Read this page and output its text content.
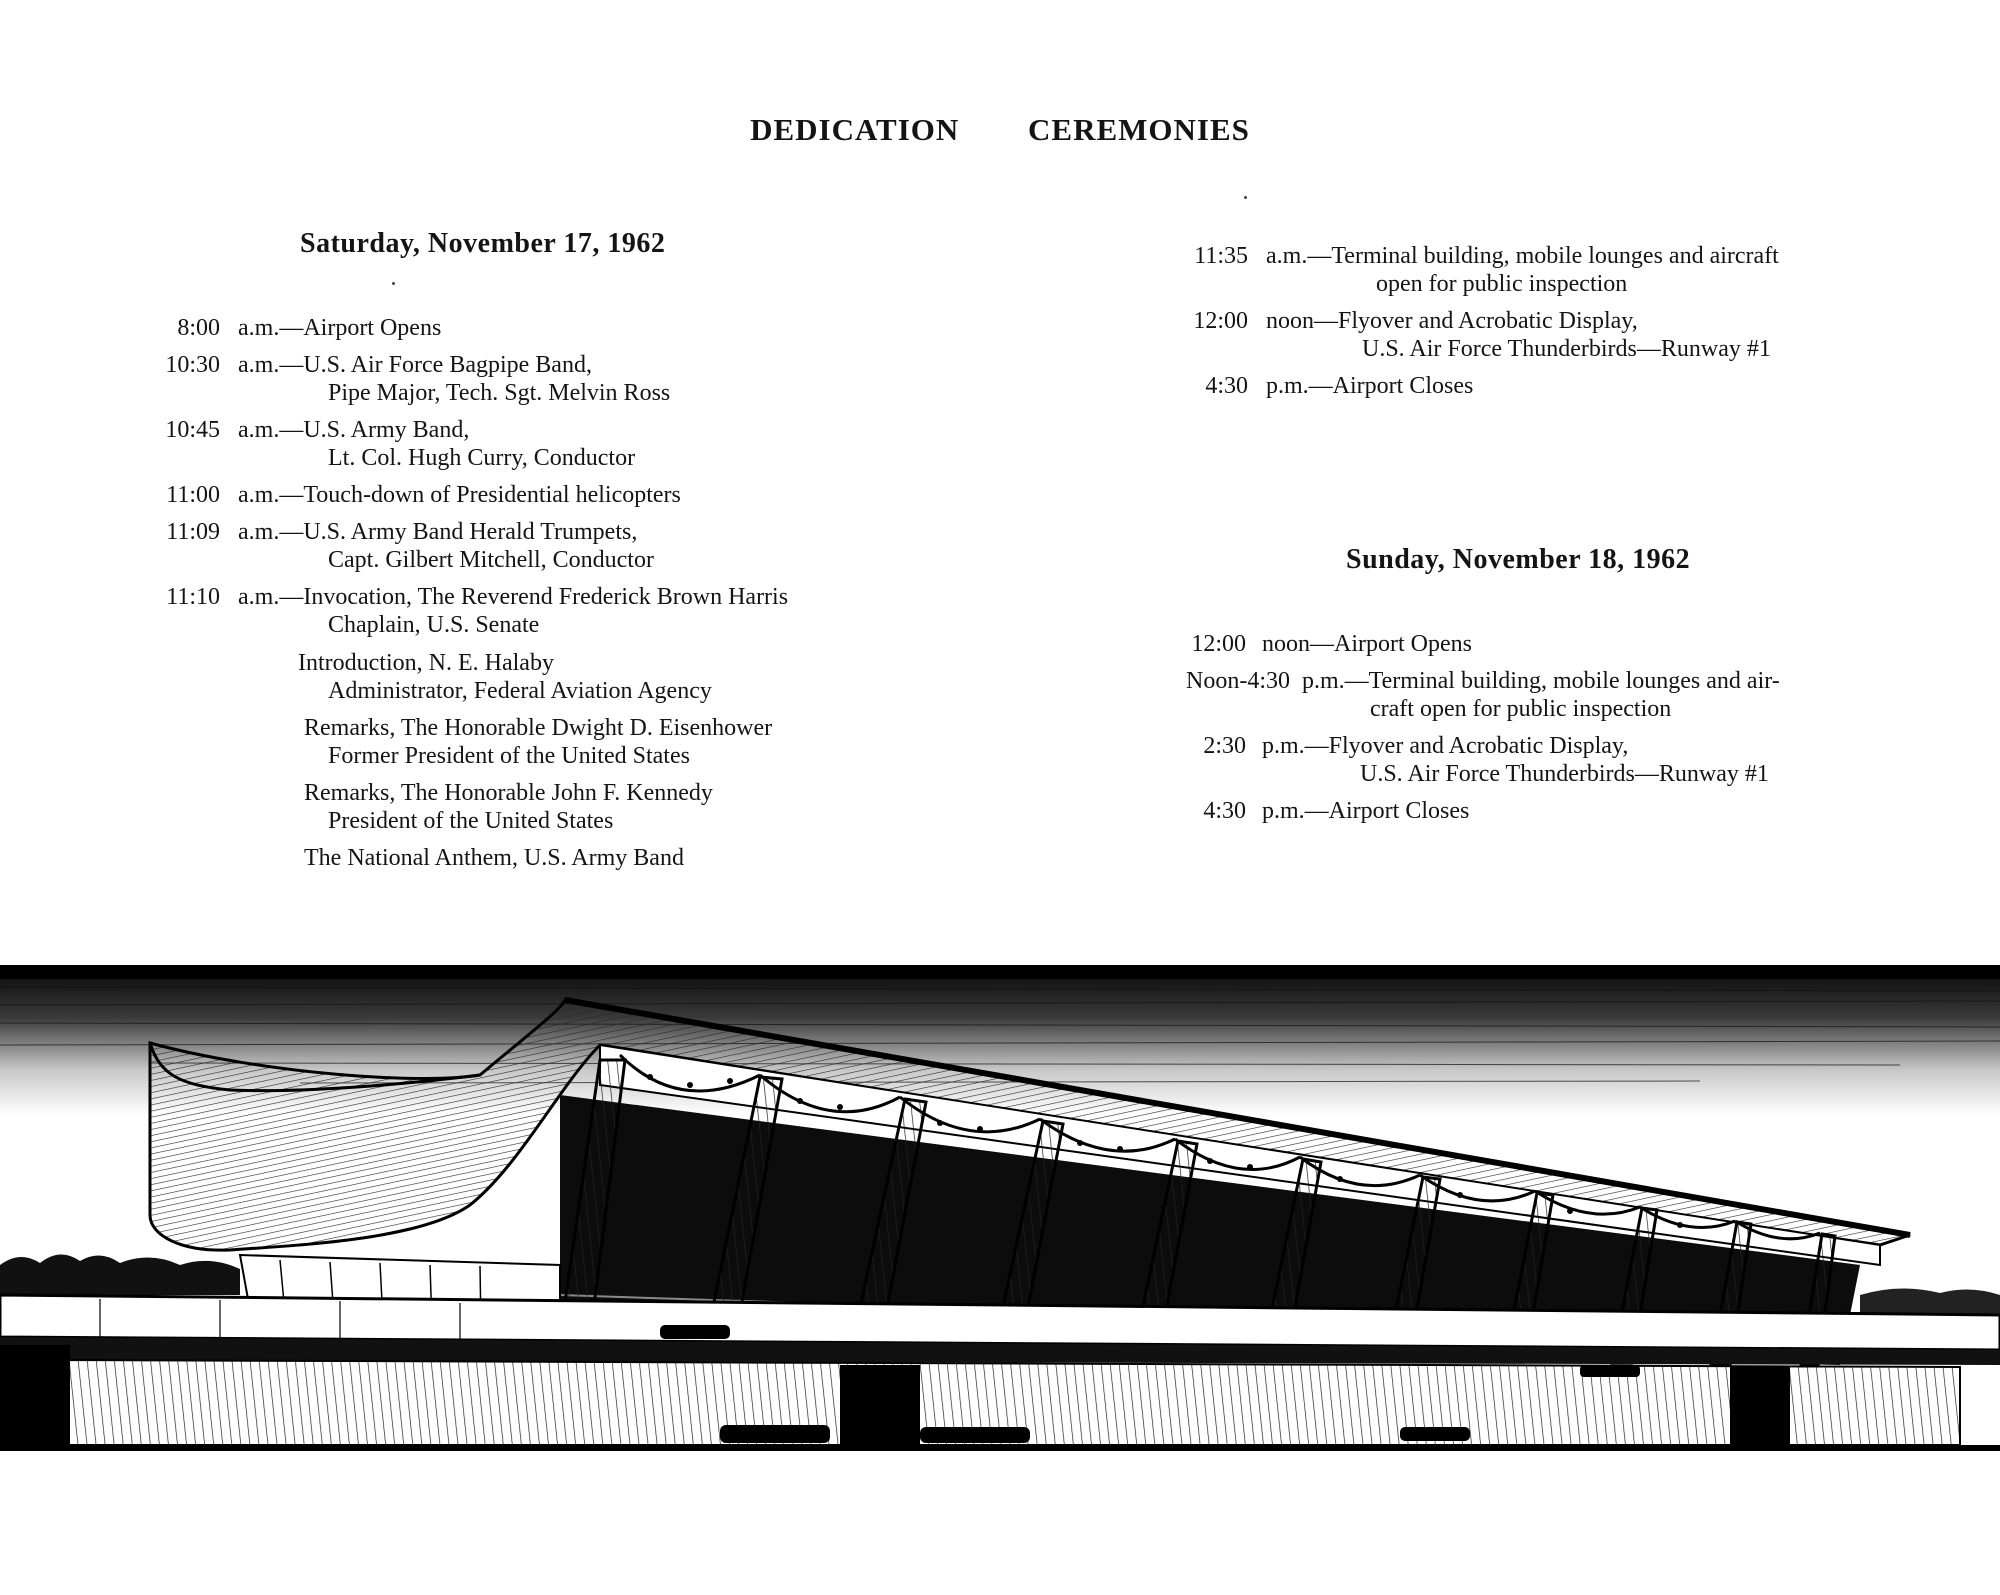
DEDICATION CEREMONIES
Saturday, November 17, 1962
8:00 a.m.—Airport Opens
10:30 a.m.—U.S. Air Force Bagpipe Band,
Pipe Major, Tech. Sgt. Melvin Ross
10:45 a.m.—U.S. Army Band,
Lt. Col. Hugh Curry, Conductor
11:00 a.m.—Touch-down of Presidential helicopters
11:09 a.m.—U.S. Army Band Herald Trumpets,
Capt. Gilbert Mitchell, Conductor
11:10 a.m.—Invocation, The Reverend Frederick Brown Harris
Chaplain, U.S. Senate
Introduction, N. E. Halaby
Administrator, Federal Aviation Agency
Remarks, The Honorable Dwight D. Eisenhower
Former President of the United States
Remarks, The Honorable John F. Kennedy
President of the United States
The National Anthem, U.S. Army Band
11:35 a.m.—Terminal building, mobile lounges and aircraft
open for public inspection
12:00 noon—Flyover and Acrobatic Display,
U.S. Air Force Thunderbirds—Runway #1
4:30 p.m.—Airport Closes
Sunday, November 18, 1962
12:00 noon—Airport Opens
Noon-4:30 p.m.—Terminal building, mobile lounges and air-
craft open for public inspection
2:30 p.m.—Flyover and Acrobatic Display,
U.S. Air Force Thunderbirds—Runway #1
4:30 p.m.—Airport Closes
